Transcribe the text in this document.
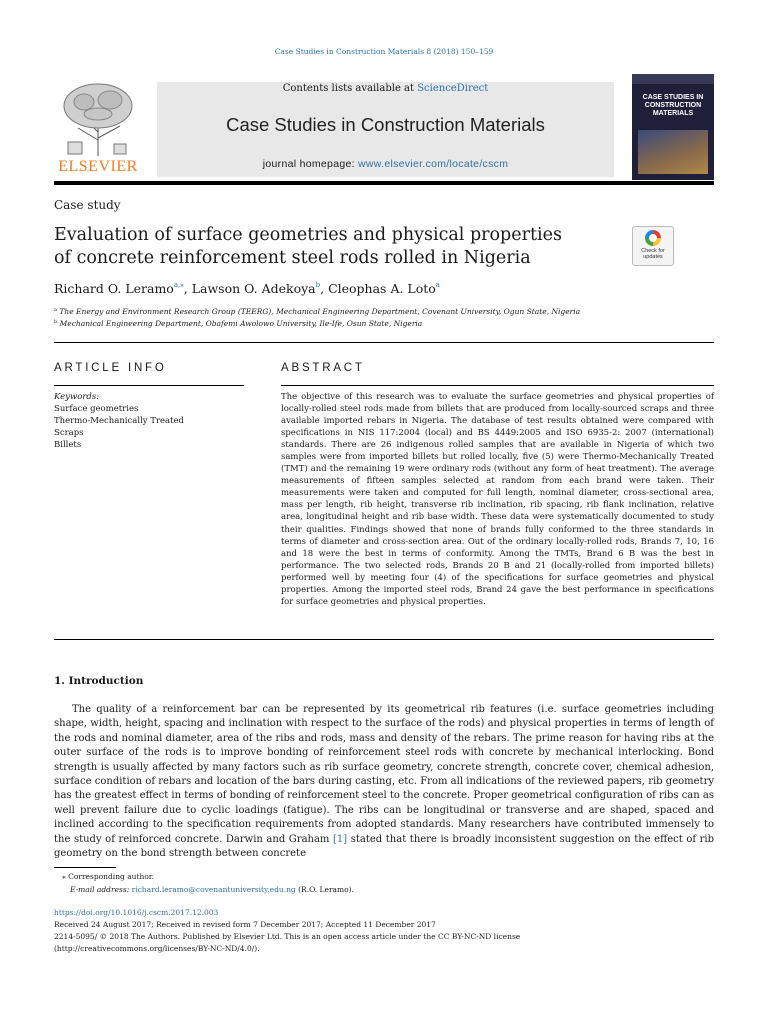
Case Studies in Construction Materials 8 (2018) 150–159
ELSEVIER
Contents lists available at ScienceDirect
Case Studies in Construction Materials
journal homepage: www.elsevier.com/locate/cscm
CASE STUDIES IN CONSTRUCTION MATERIALS
Case study
Evaluation of surface geometries and physical properties of concrete reinforcement steel rods rolled in Nigeria	Check for updates
Richard O. Leramo$^{a,⁎}$, Lawson O. Adekoya$^b$, Cleophas A. Loto$^a$
$^a$ The Energy and Environment Research Group (TEERG), Mechanical Engineering Department, Covenant University, Ogun State, Nigeria
$^b$ Mechanical Engineering Department, Obafemi Awolowo University, Ile-Ife, Osun State, Nigeria
ARTICLE INFO
Keywords:
Surface geometries
Thermo-Mechanically Treated
Scraps
Billets
ABSTRACT
The objective of this research was to evaluate the surface geometries and physical properties of locally-rolled steel rods made from billets that are produced from locally-sourced scraps and three available imported rebars in Nigeria. The database of test results obtained were compared with specifications in NIS 117:2004 (local) and BS 4449:2005 and ISO 6935-2: 2007 (international) standards. There are 26 indigenous rolled samples that are available in Nigeria of which two samples were from imported billets but rolled locally, five (5) were Thermo-Mechanically Treated (TMT) and the remaining 19 were ordinary rods (without any form of heat treatment). The average measurements of fifteen samples selected at random from each brand were taken. Their measurements were taken and computed for full length, nominal diameter, cross-sectional area, mass per length, rib height, transverse rib inclination, rib spacing, rib flank inclination, relative area, longitudinal height and rib base width. These data were systematically documented to study their qualities. Findings showed that none of brands fully conformed to the three standards in terms of diameter and cross-section area. Out of the ordinary locally-rolled rods, Brands 7, 10, 16 and 18 were the best in terms of conformity. Among the TMTs, Brand 6 B was the best in performance. The two selected rods, Brands 20 B and 21 (locally-rolled from imported billets) performed well by meeting four (4) of the specifications for surface geometries and physical properties. Among the imported steel rods, Brand 24 gave the best performance in specifications for surface geometries and physical properties.
1. Introduction
The quality of a reinforcement bar can be represented by its geometrical rib features (i.e. surface geometries including shape, width, height, spacing and inclination with respect to the surface of the rods) and physical properties in terms of length of the rods and nominal diameter, area of the ribs and rods, mass and density of the rebars. The prime reason for having ribs at the outer surface of the rods is to improve bonding of reinforcement steel rods with concrete by mechanical interlocking. Bond strength is usually affected by many factors such as rib surface geometry, concrete strength, concrete cover, chemical adhesion, surface condition of rebars and location of the bars during casting, etc. From all indications of the reviewed papers, rib geometry has the greatest effect in terms of bonding of reinforcement steel to the concrete. Proper geometrical configuration of ribs can as well prevent failure due to cyclic loadings (fatigue). The ribs can be longitudinal or transverse and are shaped, spaced and inclined according to the specification requirements from adopted standards. Many researchers have contributed immensely to the study of reinforced concrete. Darwin and Graham [1] stated that there is broadly inconsistent suggestion on the effect of rib geometry on the bond strength between concrete
⁎ Corresponding author.
E-mail address: richard.leramo@covenantuniversity.edu.ng (R.O. Leramo).
https://doi.org/10.1016/j.cscm.2017.12.003
Received 24 August 2017; Received in revised form 7 December 2017; Accepted 11 December 2017
2214-5095/ © 2018 The Authors. Published by Elsevier Ltd. This is an open access article under the CC BY-NC-ND license
(http://creativecommons.org/licenses/BY-NC-ND/4.0/).
